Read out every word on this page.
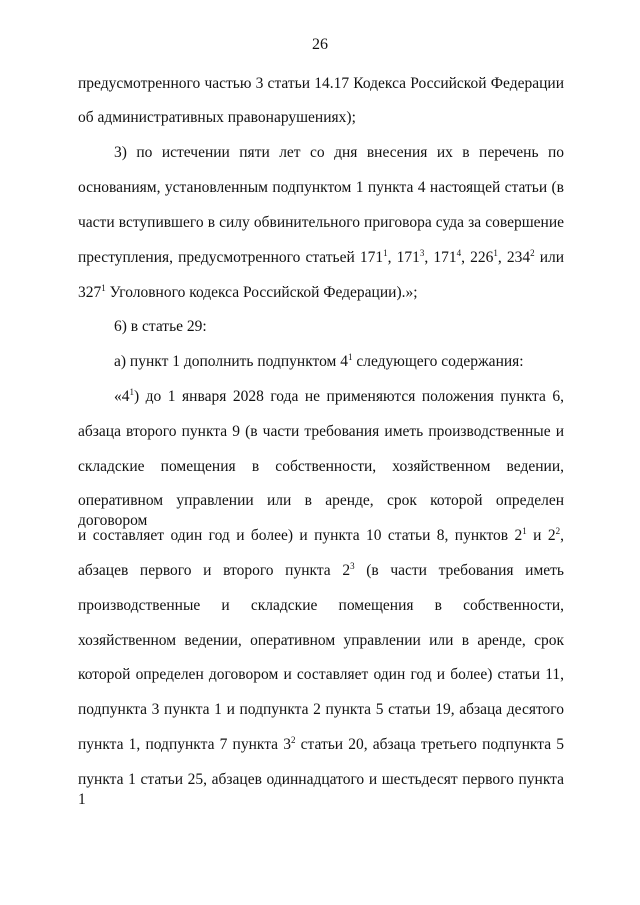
26
предусмотренного частью 3 статьи 14.17 Кодекса Российской Федерации
об административных правонарушениях);
3) по истечении пяти лет со дня внесения их в перечень по
основаниям, установленным подпунктом 1 пункта 4 настоящей статьи (в
части вступившего в силу обвинительного приговора суда за совершение
преступления, предусмотренного статьей $171^1$, $171^3$, $171^4$, $226^1$, $234^2$ или
$327^1$ Уголовного кодекса Российской Федерации).»;
6) в статье 29:
а) пункт 1 дополнить подпунктом $4^1$ следующего содержания:
«$4^1$) до 1 января 2028 года не применяются положения пункта 6,
абзаца второго пункта 9 (в части требования иметь производственные и
складские помещения в собственности, хозяйственном ведении,
оперативном управлении или в аренде, срок которой определен договором
и составляет один год и более) и пункта 10 статьи 8, пунктов $2^1$ и $2^2$,
абзацев первого и второго пункта $2^3$ (в части требования иметь
производственные и складские помещения в собственности,
хозяйственном ведении, оперативном управлении или в аренде, срок
которой определен договором и составляет один год и более) статьи 11,
подпункта 3 пункта 1 и подпункта 2 пункта 5 статьи 19, абзаца десятого
пункта 1, подпункта 7 пункта $3^2$ статьи 20, абзаца третьего подпункта 5
пункта 1 статьи 25, абзацев одиннадцатого и шестьдесят первого пункта 1
